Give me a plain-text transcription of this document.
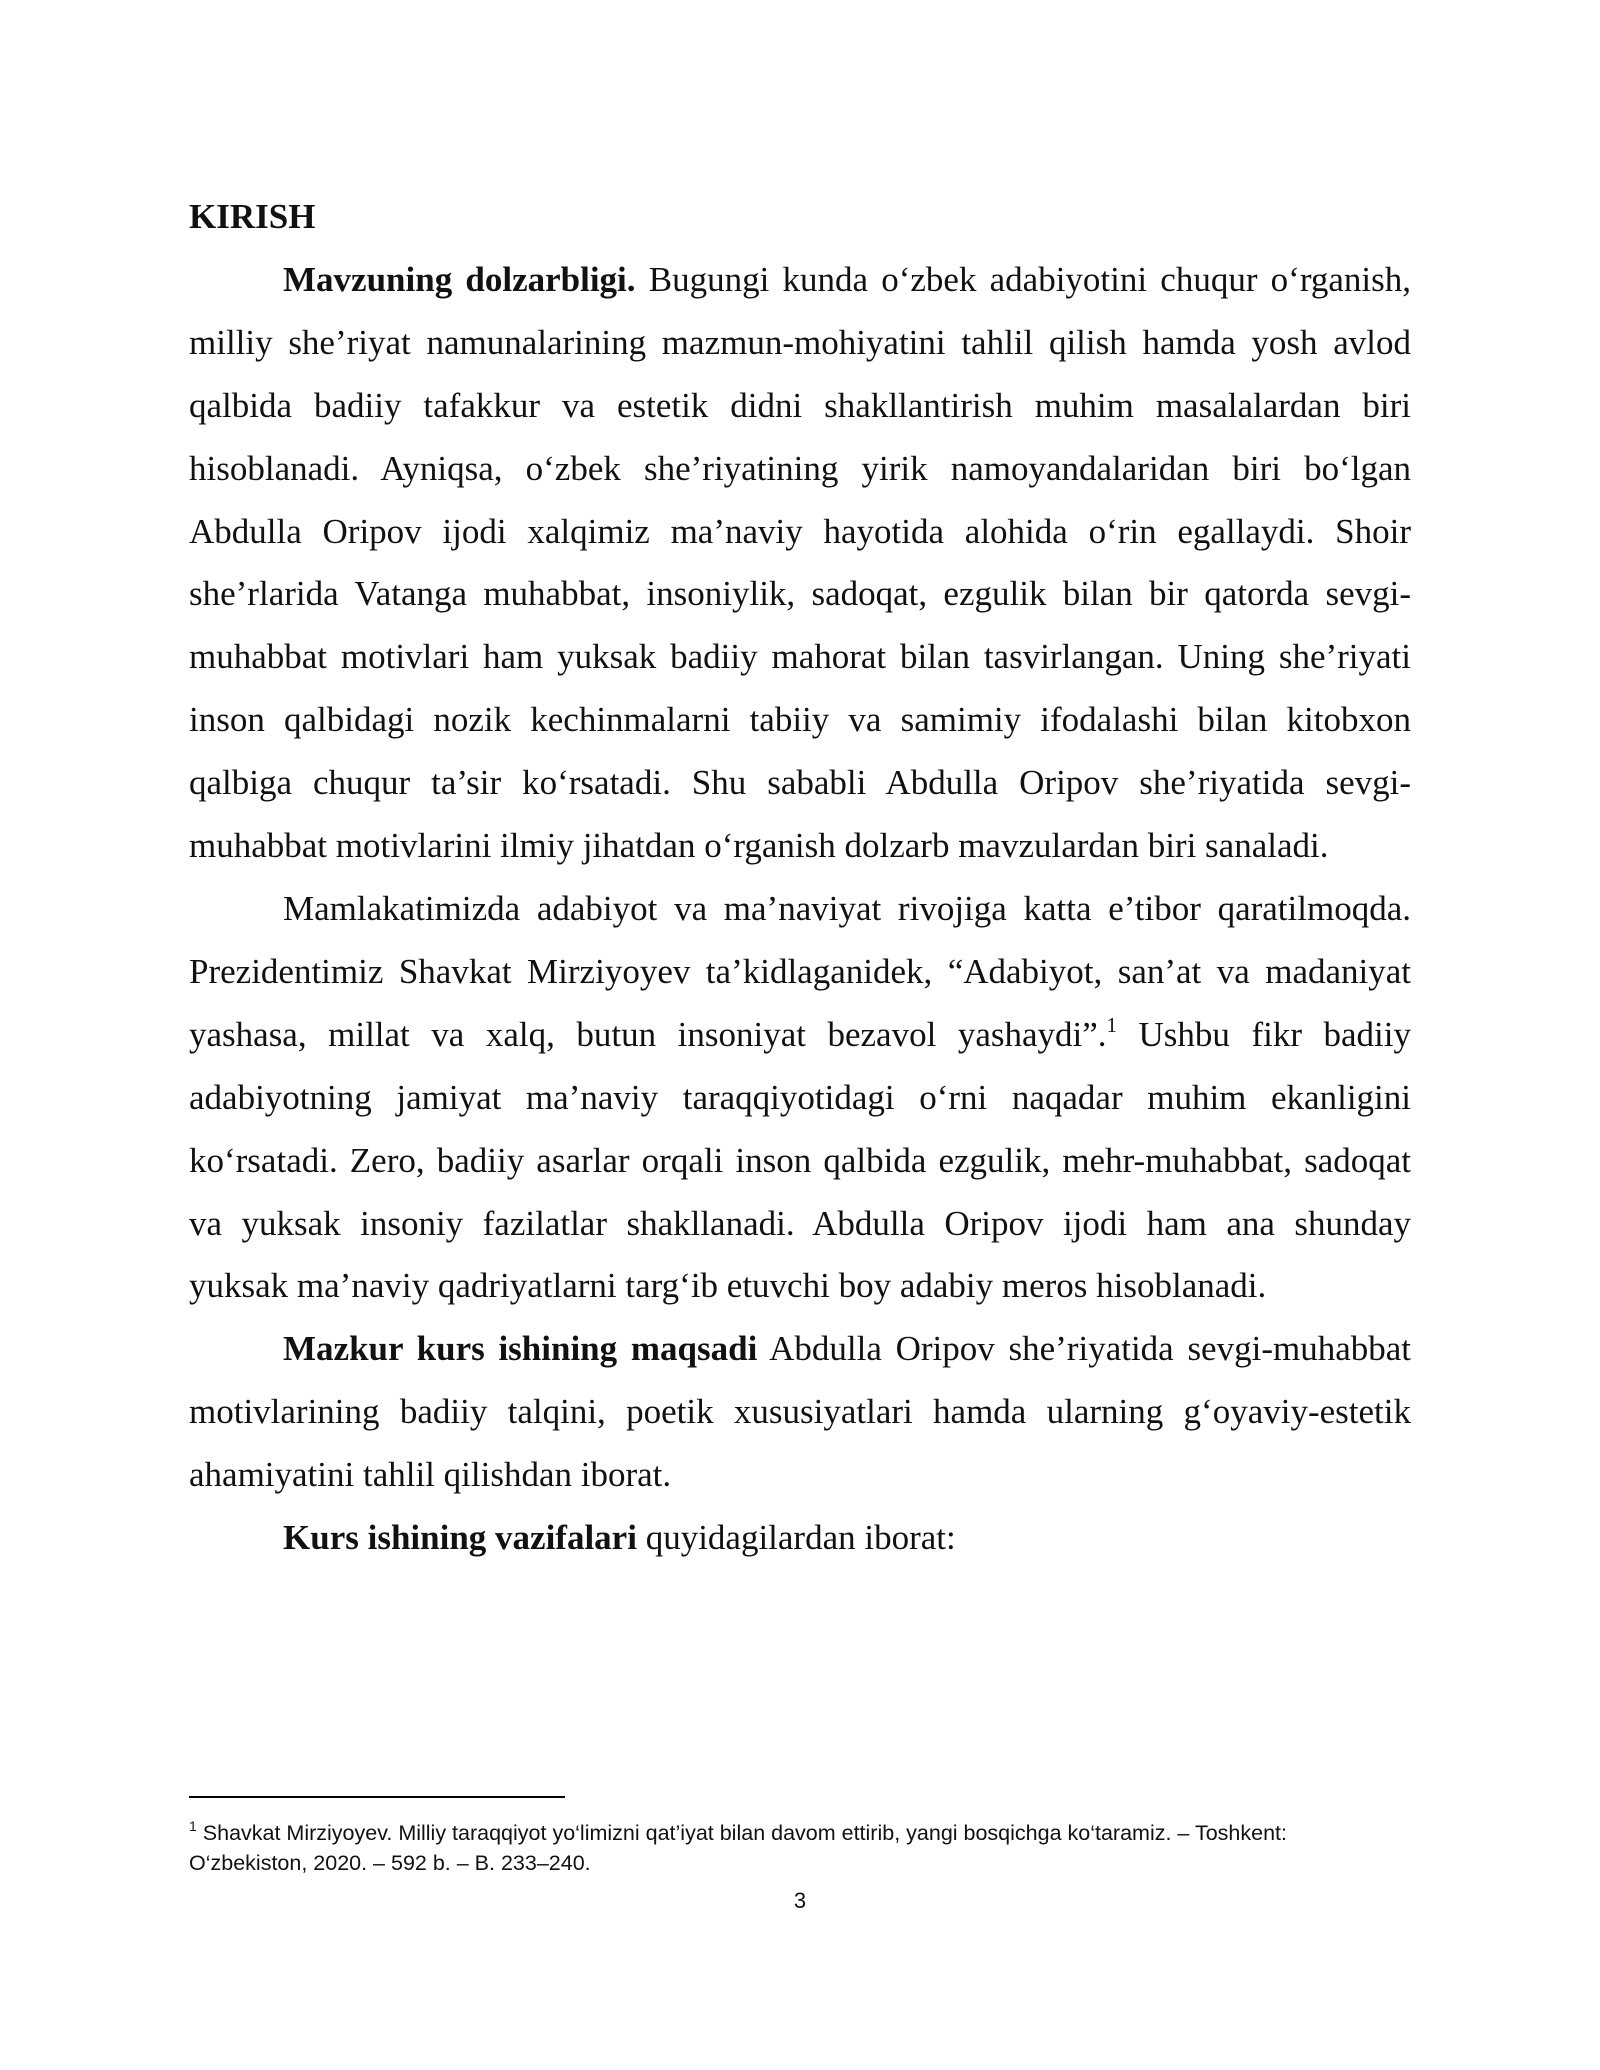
KIRISH

Mavzuning dolzarbligi. Bugungi kunda o‘zbek adabiyotini chuqur o‘rganish, milliy she’riyat namunalarining mazmun-mohiyatini tahlil qilish hamda yosh avlod qalbida badiiy tafakkur va estetik didni shakllantirish muhim masalalardan biri hisoblanadi. Ayniqsa, o‘zbek she’riyatining yirik namoyandalaridan biri bo‘lgan Abdulla Oripov ijodi xalqimiz ma’naviy hayotida alohida o‘rin egallaydi. Shoir she’rlarida Vatanga muhabbat, insoniylik, sadoqat, ezgulik bilan bir qatorda sevgi-muhabbat motivlari ham yuksak badiiy mahorat bilan tasvirlangan. Uning she’riyati inson qalbidagi nozik kechinmalarni tabiiy va samimiy ifodalashi bilan kitobxon qalbiga chuqur ta’sir ko‘rsatadi. Shu sababli Abdulla Oripov she’riyatida sevgi-muhabbat motivlarini ilmiy jihatdan o‘rganish dolzarb mavzulardan biri sanaladi.

Mamlakatimizda adabiyot va ma’naviyat rivojiga katta e’tibor qaratilmoqda. Prezidentimiz Shavkat Mirziyoyev ta’kidlaganidek, “Adabiyot, san’at va madaniyat yashasa, millat va xalq, butun insoniyat bezavol yashaydi”.$^1$ Ushbu fikr badiiy adabiyotning jamiyat ma’naviy taraqqiyotidagi o‘rni naqadar muhim ekanligini ko‘rsatadi. Zero, badiiy asarlar orqali inson qalbida ezgulik, mehr-muhabbat, sadoqat va yuksak insoniy fazilatlar shakllanadi. Abdulla Oripov ijodi ham ana shunday yuksak ma’naviy qadriyatlarni targ‘ib etuvchi boy adabiy meros hisoblanadi.

Mazkur kurs ishining maqsadi Abdulla Oripov she’riyatida sevgi-muhabbat motivlarining badiiy talqini, poetik xususiyatlari hamda ularning g‘oyaviy-estetik ahamiyatini tahlil qilishdan iborat.

Kurs ishining vazifalari quyidagilardan iborat:

$^1$ Shavkat Mirziyoyev. Milliy taraqqiyot yo‘limizni qat’iyat bilan davom ettirib, yangi bosqichga ko‘taramiz. – Toshkent: O‘zbekiston, 2020. – 592 b. – B. 233–240.
3
